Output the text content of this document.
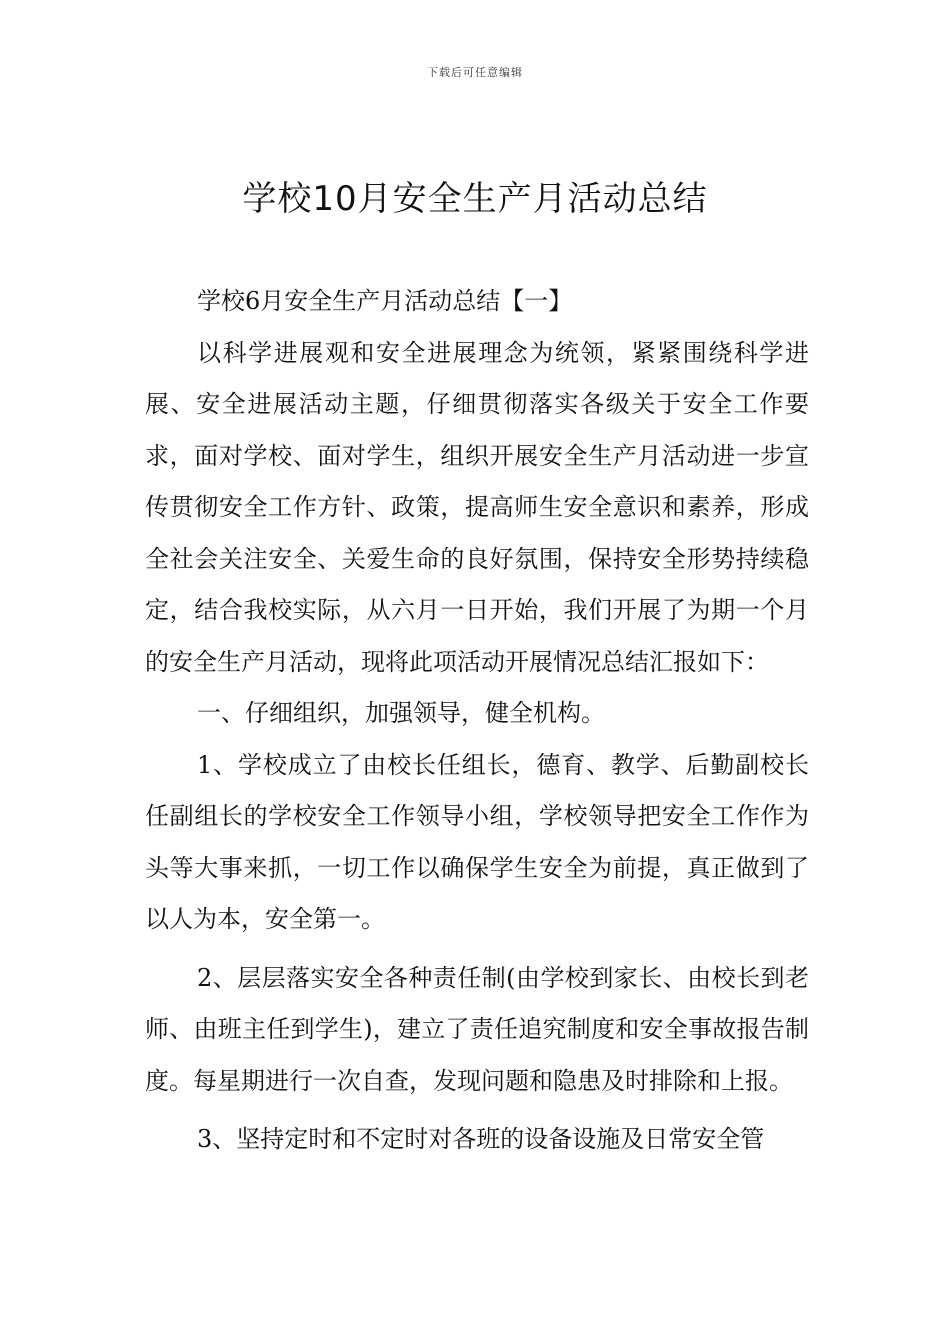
下载后可任意编辑
学校10月安全生产月活动总结

学校6月安全生产月活动总结【一】

以科学进展观和安全进展理念为统领，紧紧围绕科学进展、安全进展活动主题，仔细贯彻落实各级关于安全工作要求，面对学校、面对学生，组织开展安全生产月活动进一步宣传贯彻安全工作方针、政策，提高师生安全意识和素养，形成全社会关注安全、关爱生命的良好氛围，保持安全形势持续稳定，结合我校实际，从六月一日开始，我们开展了为期一个月的安全生产月活动，现将此项活动开展情况总结汇报如下：

一、仔细组织，加强领导，健全机构。

1、学校成立了由校长任组长，德育、教学、后勤副校长任副组长的学校安全工作领导小组，学校领导把安全工作作为头等大事来抓，一切工作以确保学生安全为前提，真正做到了以人为本，安全第一。

2、层层落实安全各种责任制(由学校到家长、由校长到老师、由班主任到学生)，建立了责任追究制度和安全事故报告制度。每星期进行一次自查，发现问题和隐患及时排除和上报。

3、坚持定时和不定时对各班的设备设施及日常安全管
